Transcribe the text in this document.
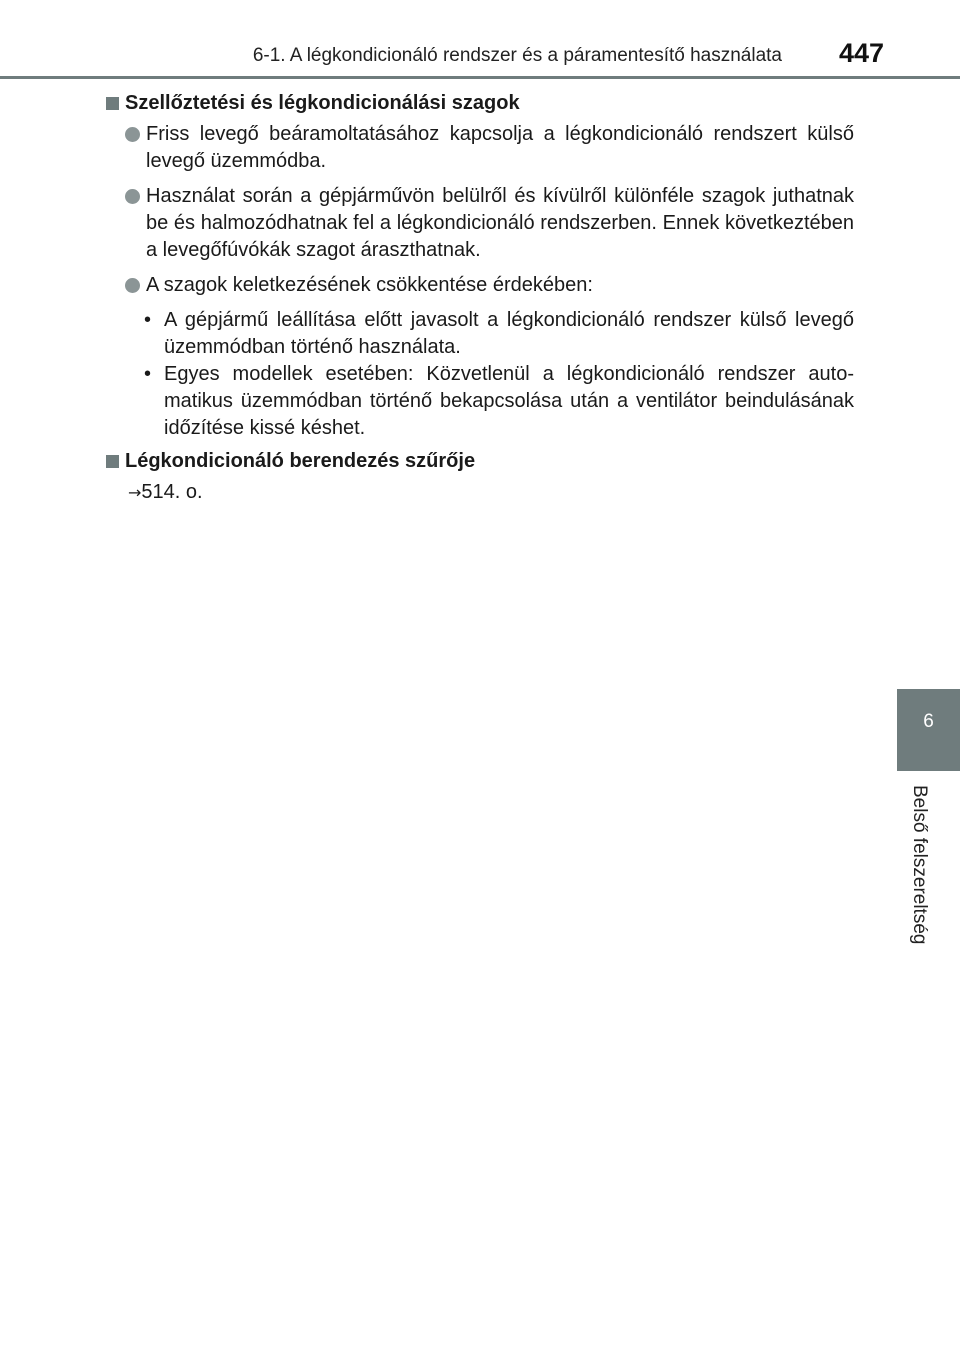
6-1. A légkondicionáló rendszer és a páramentesítő használata 447
6
Belső felszereltség
Szellőztetési és légkondicionálási szagok
Friss levegő beáramoltatásához kapcsolja a légkondicionáló rendszert külső levegő üzemmódba.
Használat során a gépjárművön belülről és kívülről különféle szagok juthatnak be és halmozódhatnak fel a légkondicionáló rendszerben. Ennek következtében a levegőfúvókák szagot áraszthatnak.
A szagok keletkezésének csökkentése érdekében:
• A gépjármű leállítása előtt javasolt a légkondicionáló rendszer külső levegő üzemmódban történő használata.
• Egyes modellek esetében: Közvetlenül a légkondicionáló rendszer automatikus üzemmódban történő bekapcsolása után a ventilátor beindulásának időzítése kissé késhet.
Légkondicionáló berendezés szűrője
→514. o.
